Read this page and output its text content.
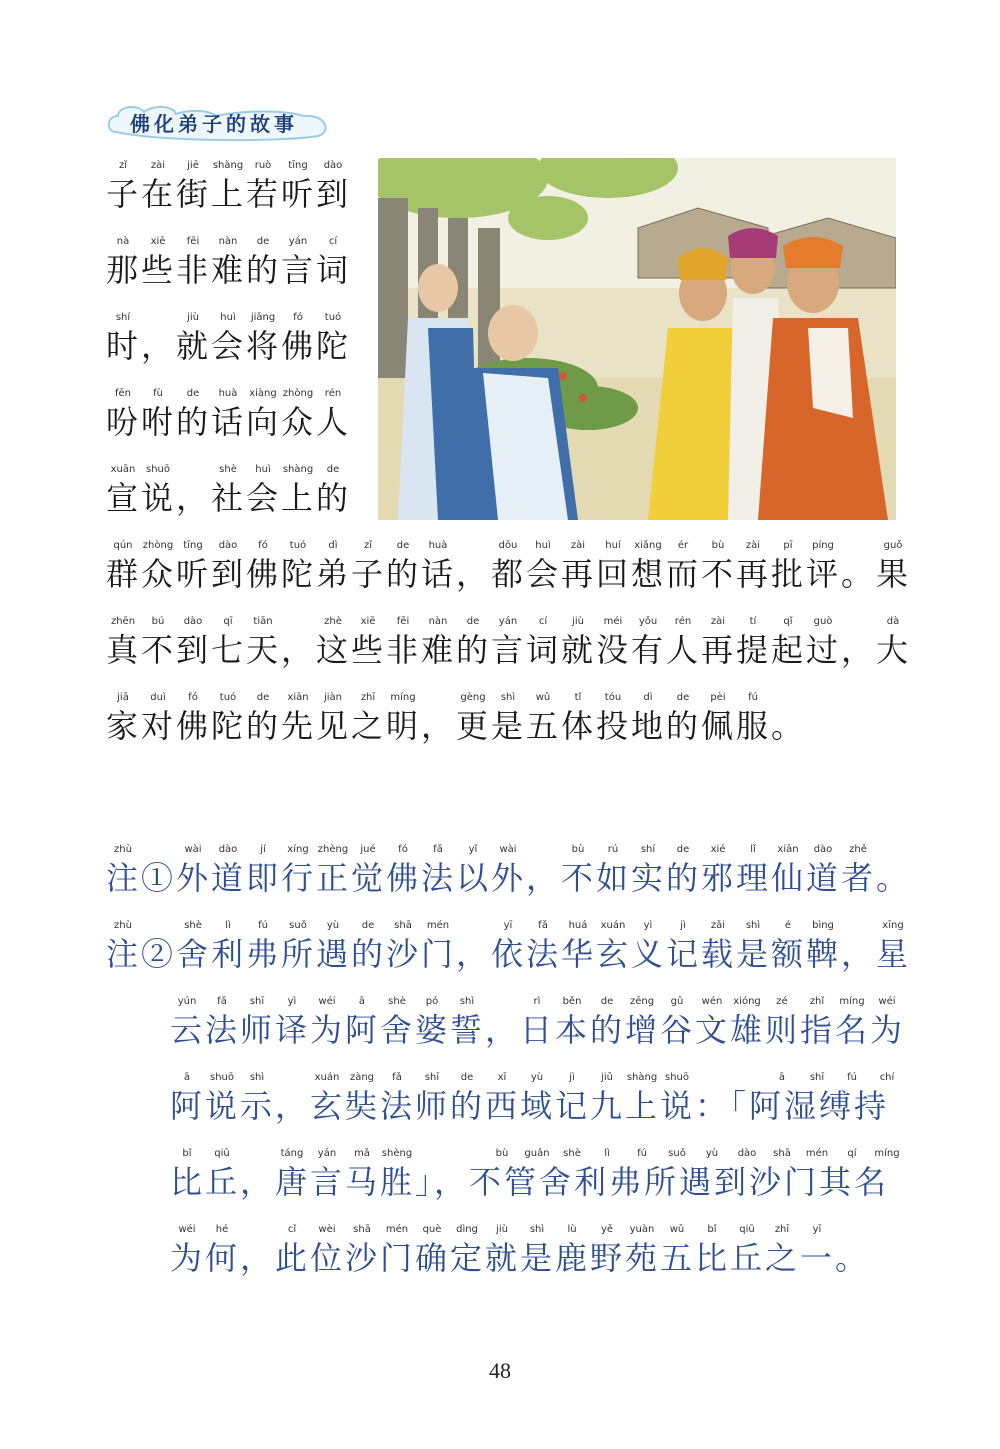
佛化弟子的故事
zǐ	zài	jiē	shàng	ruò	tīng	dào
子在街上若听到
nà	xiē	fēi	nàn	de	yán	cí
那些非难的言词
shí	jiù	huì	jiāng	fó	tuó
时，就会将佛陀
fēn	fù	de	huà	xiàng zhòng	rén
吩咐的话向众人
xuān	shuō	shè	huì	shàng	de
宣说，社会上的
qún	zhòng	tīng	dào	fó	tuó	dì	zǐ	de	huà	dōu	huì	zài	huí	xiǎng	ér	bù	zài	pī	píng	guǒ
群众听到佛陀弟子的话，都会再回想而不再批评。果
zhēn	bú	dào	qī	tiān	zhè	xiē	fēi	nàn	de	yán	cí	jiù	méi	yǒu	rén	zài	tí	qǐ	guò	dà
真不到七天，这些非难的言词就没有人再提起过，大
jiā	duì	fó	tuó	de	xiān	jiàn	zhī	míng	gèng	shì	wǔ	tǐ	tóu	dì	de	pèi	fú
家对佛陀的先见之明，更是五体投地的佩服。
zhù	wài	dào	jí	xíng zhèng	jué	fó	fǎ	yǐ	wài	bù	rú	shí	de	xié	lǐ	xiān	dào	zhě
注①外道即行正觉佛法以外，不如实的邪理仙道者。
zhù	shè	lì	fú	suǒ	yù	de	shā	mén	yī	fǎ	huá	xuán	yì	jì	zǎi	shì	é	bìng	xīng
注②舍利弗所遇的沙门，依法华玄义记载是额鞞，星
yún	fǎ	shī	yì	wéi	ā	shè	pó	shì	rì	běn	de	zēng	gǔ	wén	xióng	zé	zhǐ	míng	wéi
云法师译为阿舍婆誓，日本的增谷文雄则指名为
ā	shuō	shì	xuán	zàng	fǎ	shī	de	xī	yù	jì	jiǔ	shàng shuō	ā	shī	fú	chí
阿说示，玄奘法师的西域记九上说：「阿湿缚持
bǐ	qiū	táng	yán	mǎ	shèng	bù	guǎn	shè	lì	fú	suǒ	yù	dào	shā	mén	qí	míng
比丘，唐言马胜」，不管舍利弗所遇到沙门其名
wéi	hé	cǐ	wèi	shā	mén	què	dìng	jiù	shì	lù	yě	yuàn	wǔ	bǐ	qiū	zhī	yī
为何，此位沙门确定就是鹿野苑五比丘之一。
48
